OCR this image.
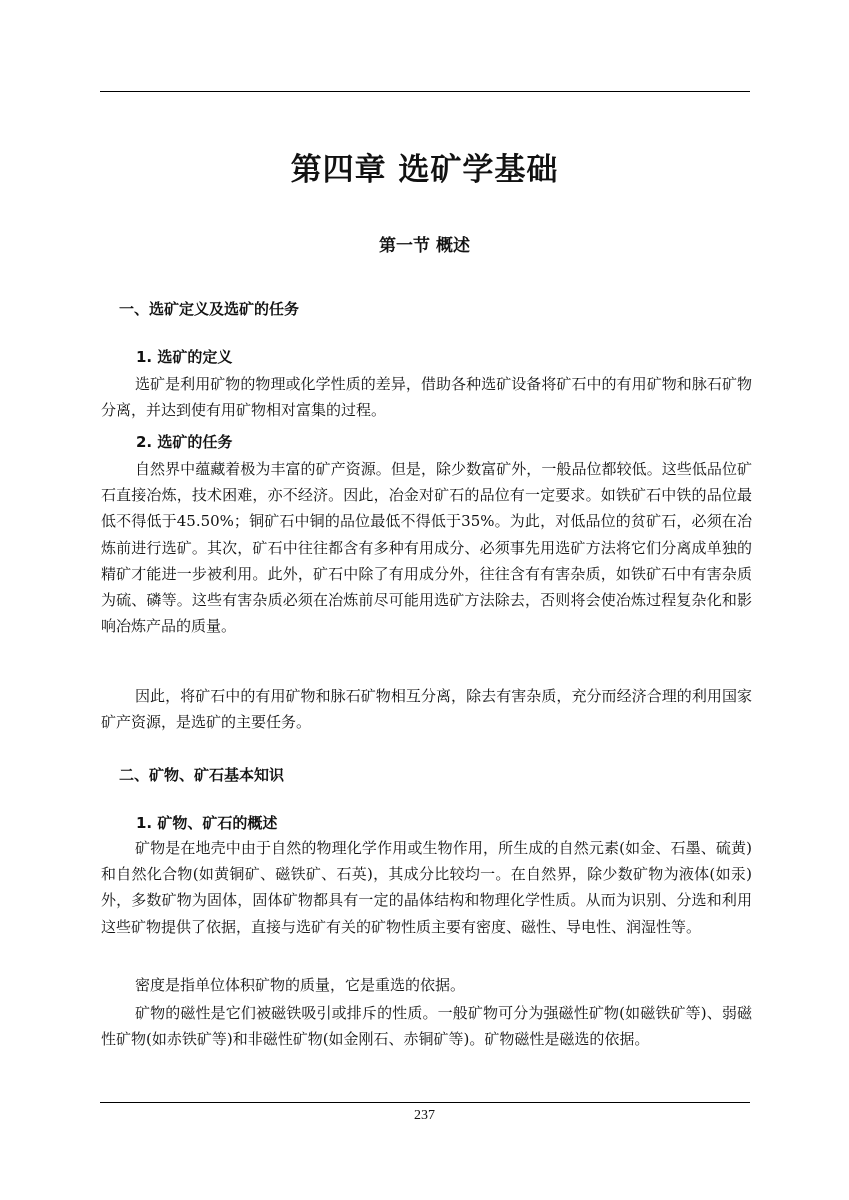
第四章 选矿学基础
第一节 概述
一、选矿定义及选矿的任务
1. 选矿的定义

选矿是利用矿物的物理或化学性质的差异，借助各种选矿设备将矿石中的有用矿物和脉石矿物分离，并达到使有用矿物相对富集的过程。

2. 选矿的任务

自然界中蕴藏着极为丰富的矿产资源。但是，除少数富矿外，一般品位都较低。这些低品位矿石直接冶炼，技术困难，亦不经济。因此，冶金对矿石的品位有一定要求。如铁矿石中铁的品位最低不得低于45.50%；铜矿石中铜的品位最低不得低于35%。为此，对低品位的贫矿石，必须在冶炼前进行选矿。其次，矿石中往往都含有多种有用成分、必须事先用选矿方法将它们分离成单独的精矿才能进一步被利用。此外，矿石中除了有用成分外，往往含有有害杂质，如铁矿石中有害杂质为硫、磷等。这些有害杂质必须在冶炼前尽可能用选矿方法除去，否则将会使冶炼过程复杂化和影响冶炼产品的质量。

因此，将矿石中的有用矿物和脉石矿物相互分离，除去有害杂质，充分而经济合理的利用国家矿产资源，是选矿的主要任务。

二、矿物、矿石基本知识
1. 矿物、矿石的概述

矿物是在地壳中由于自然的物理化学作用或生物作用，所生成的自然元素(如金、石墨、硫黄)和自然化合物(如黄铜矿、磁铁矿、石英)，其成分比较均一。在自然界，除少数矿物为液体(如汞)外，多数矿物为固体，固体矿物都具有一定的晶体结构和物理化学性质。从而为识别、分选和利用这些矿物提供了依据，直接与选矿有关的矿物性质主要有密度、磁性、导电性、润湿性等。

密度是指单位体积矿物的质量，它是重选的依据。

矿物的磁性是它们被磁铁吸引或排斥的性质。一般矿物可分为强磁性矿物(如磁铁矿等)、弱磁性矿物(如赤铁矿等)和非磁性矿物(如金刚石、赤铜矿等)。矿物磁性是磁选的依据。

237
